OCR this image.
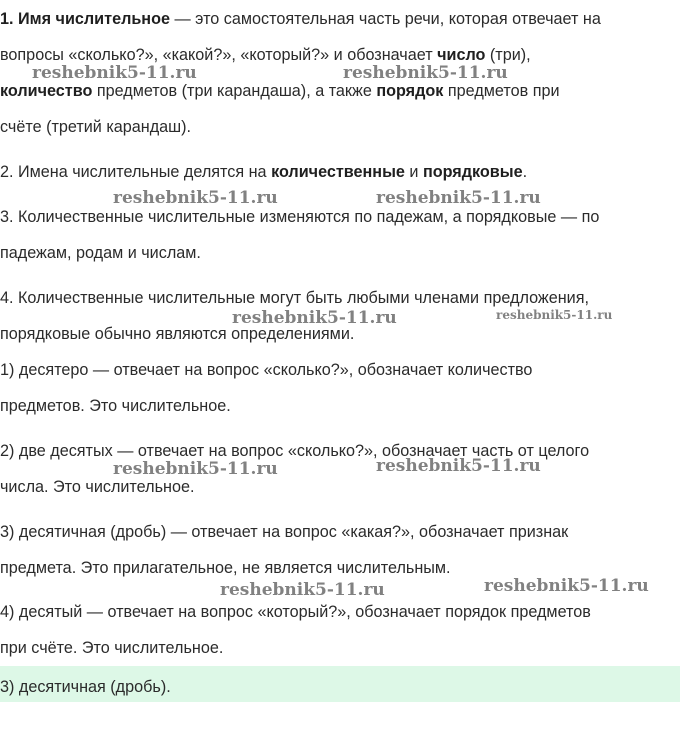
1. Имя числительное — это самостоятельная часть речи, которая отвечает на
вопросы «сколько?», «какой?», «который?» и обозначает число (три),
количество предметов (три карандаша), а также порядок предметов при
счёте (третий карандаш).
2. Имена числительные делятся на количественные и порядковые.
3. Количественные числительные изменяются по падежам, а порядковые — по
падежам, родам и числам.
4. Количественные числительные могут быть любыми членами предложения,
порядковые обычно являются определениями.
1) десятеро — отвечает на вопрос «сколько?», обозначает количество
предметов. Это числительное.
2) две десятых — отвечает на вопрос «сколько?», обозначает часть от целого
числа. Это числительное.
3) десятичная (дробь) — отвечает на вопрос «какая?», обозначает признак
предмета. Это прилагательное, не является числительным.
4) десятый — отвечает на вопрос «который?», обозначает порядок предметов
при счёте. Это числительное.
3) десятичная (дробь).
reshebnik5-11.ru	reshebnik5-11.ru
reshebnik5-11.ru	reshebnik5-11.ru
reshebnik5-11.ru	reshebnik5-11.ru
reshebnik5-11.ru	reshebnik5-11.ru
reshebnik5-11.ru	reshebnik5-11.ru
